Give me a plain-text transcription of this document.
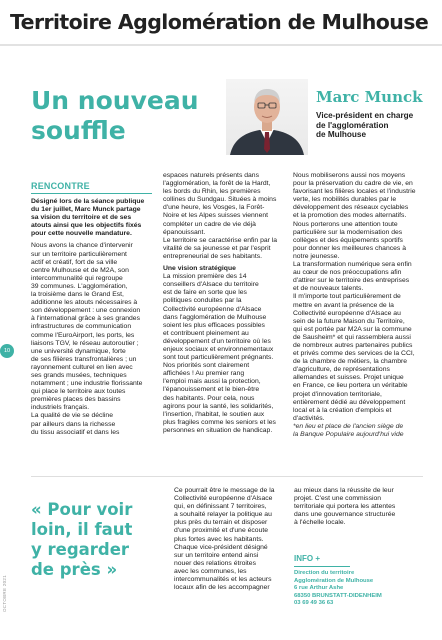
Territoire Agglomération de Mulhouse
Un nouveau
souffle
Marc Munck
Vice-président en charge
de l'agglomération
de Mulhouse
RENCONTRE
10
Désigné lors de la séance publique
du 1er juillet, Marc Munck partage
sa vision du territoire et de ses
atouts ainsi que les objectifs fixés
pour cette nouvelle mandature.
Nous avons la chance d'intervenir
sur un territoire particulièrement
actif et créatif, fort de sa ville
centre Mulhouse et de M2A, son
intercommunalité qui regroupe
39 communes. L'agglomération,
la troisième dans le Grand Est,
additionne les atouts nécessaires à
son développement : une connexion
à l'international grâce à ses grandes
infrastructures de communication
comme l'EuroAirport, les ports, les
liaisons TGV, le réseau autoroutier ;
une université dynamique, forte
de ses filières transfrontalières ; un
rayonnement culturel en lien avec
ses grands musées, techniques
notamment ; une industrie florissante
qui place le territoire aux toutes
premières places des bassins
industriels français.
La qualité de vie se décline
par ailleurs dans la richesse
du tissu associatif et dans les
espaces naturels présents dans
l'agglomération, la forêt de la Hardt,
les bords du Rhin, les premières
collines du Sundgau. Situées à moins
d'une heure, les Vosges, la Forêt-
Noire et les Alpes suisses viennent
compléter un cadre de vie déjà
épanouissant.
Le territoire se caractérise enfin par la
vitalité de sa jeunesse et par l'esprit
entrepreneurial de ses habitants.
Une vision stratégique
La mission première des 14
conseillers d'Alsace du territoire
est de faire en sorte que les
politiques conduites par la
Collectivité européenne d'Alsace
dans l'agglomération de Mulhouse
soient les plus efficaces possibles
et contribuent pleinement au
développement d'un territoire où les
enjeux sociaux et environnementaux
sont tout particulièrement prégnants.
Nos priorités sont clairement
affichées ! Au premier rang
l'emploi mais aussi la protection,
l'épanouissement et le bien-être
des habitants. Pour cela, nous
agirons pour la santé, les solidarités,
l'insertion, l'habitat, le soutien aux
plus fragiles comme les seniors et les
personnes en situation de handicap.
Nous mobiliserons aussi nos moyens
pour la préservation du cadre de vie, en
favorisant les filières locales et l'industrie
verte, les mobilités durables par le
développement des réseaux cyclables
et la promotion des modes alternatifs.
Nous porterons une attention toute
particulière sur la modernisation des
collèges et des équipements sportifs
pour donner les meilleures chances à
notre jeunesse.
La transformation numérique sera enfin
au cœur de nos préoccupations afin
d'attirer sur le territoire des entreprises
et de nouveaux talents.
Il m'importe tout particulièrement de
mettre en avant la présence de la
Collectivité européenne d'Alsace au
sein de la future Maison du Territoire,
qui est portée par M2A sur la commune
de Sausheim* et qui rassemblera aussi
de nombreux autres partenaires publics
et privés comme des services de la CCI,
de la chambre de métiers, la chambre
d'agriculture, de représentations
allemandes et suisses. Projet unique
en France, ce lieu portera un véritable
projet d'innovation territoriale,
entièrement dédié au développement
local et à la création d'emplois et
d'activités.
*en lieu et place de l'ancien siège de
la Banque Populaire aujourd'hui vide
« Pour voir
loin, il faut
y regarder
de près »
Ce pourrait être le message de la
Collectivité européenne d'Alsace
qui, en définissant 7 territoires,
a souhaité relayer la politique au
plus près du terrain et disposer
d'une proximité et d'une écoute
plus fortes avec les habitants.
Chaque vice-président désigné
sur un territoire entend ainsi
nouer des relations étroites
avec les communes, les
intercommunalités et les acteurs
locaux afin de les accompagner
au mieux dans la réussite de leur
projet. C'est une commission
territoriale qui portera les attentes
dans une gouvernance structurée
à l'échelle locale.
INFO +
Direction du territoire
Agglomération de Mulhouse
6 rue Arthur Ashe
68350 BRUNSTATT-DIDENHEIM
03 69 49 36 63
OCTOBRE 2021
